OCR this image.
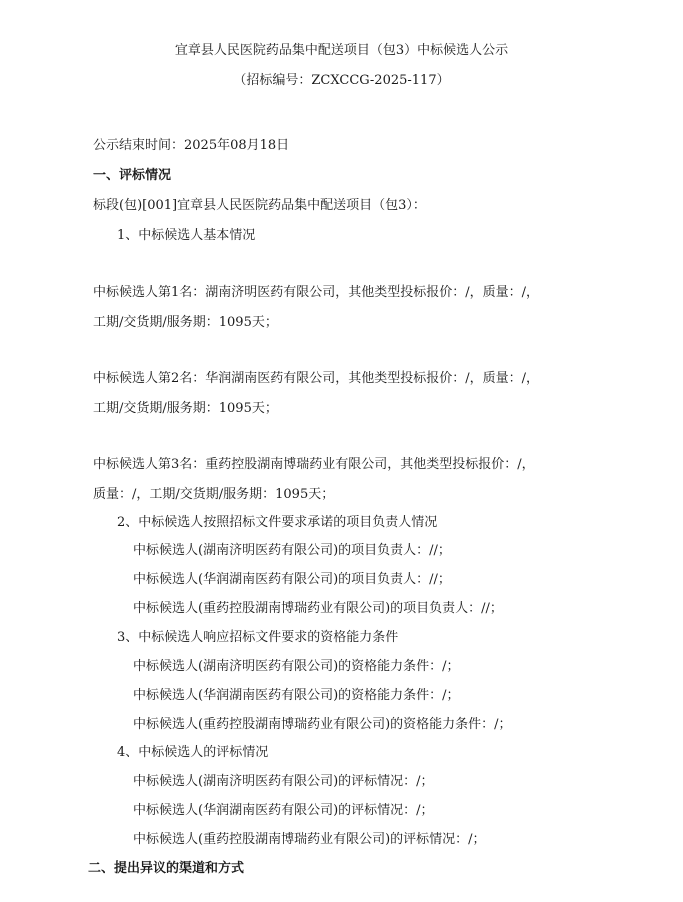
宜章县人民医院药品集中配送项目（包3）中标候选人公示
（招标编号：ZCXCCG-2025-117）
公示结束时间：2025年08月18日
一、评标情况
标段(包)[001]宜章县人民医院药品集中配送项目（包3）：
1、中标候选人基本情况
中标候选人第1名：湖南济明医药有限公司，其他类型投标报价：/，质量：/，
工期/交货期/服务期：1095天；
中标候选人第2名：华润湖南医药有限公司，其他类型投标报价：/，质量：/，
工期/交货期/服务期：1095天；
中标候选人第3名：重药控股湖南博瑞药业有限公司，其他类型投标报价：/，
质量：/，工期/交货期/服务期：1095天；
2、中标候选人按照招标文件要求承诺的项目负责人情况
中标候选人(湖南济明医药有限公司)的项目负责人：//；
中标候选人(华润湖南医药有限公司)的项目负责人：//；
中标候选人(重药控股湖南博瑞药业有限公司)的项目负责人：//；
3、中标候选人响应招标文件要求的资格能力条件
中标候选人(湖南济明医药有限公司)的资格能力条件：/；
中标候选人(华润湖南医药有限公司)的资格能力条件：/；
中标候选人(重药控股湖南博瑞药业有限公司)的资格能力条件：/；
4、中标候选人的评标情况
中标候选人(湖南济明医药有限公司)的评标情况：/；
中标候选人(华润湖南医药有限公司)的评标情况：/；
中标候选人(重药控股湖南博瑞药业有限公司)的评标情况：/；
二、提出异议的渠道和方式
